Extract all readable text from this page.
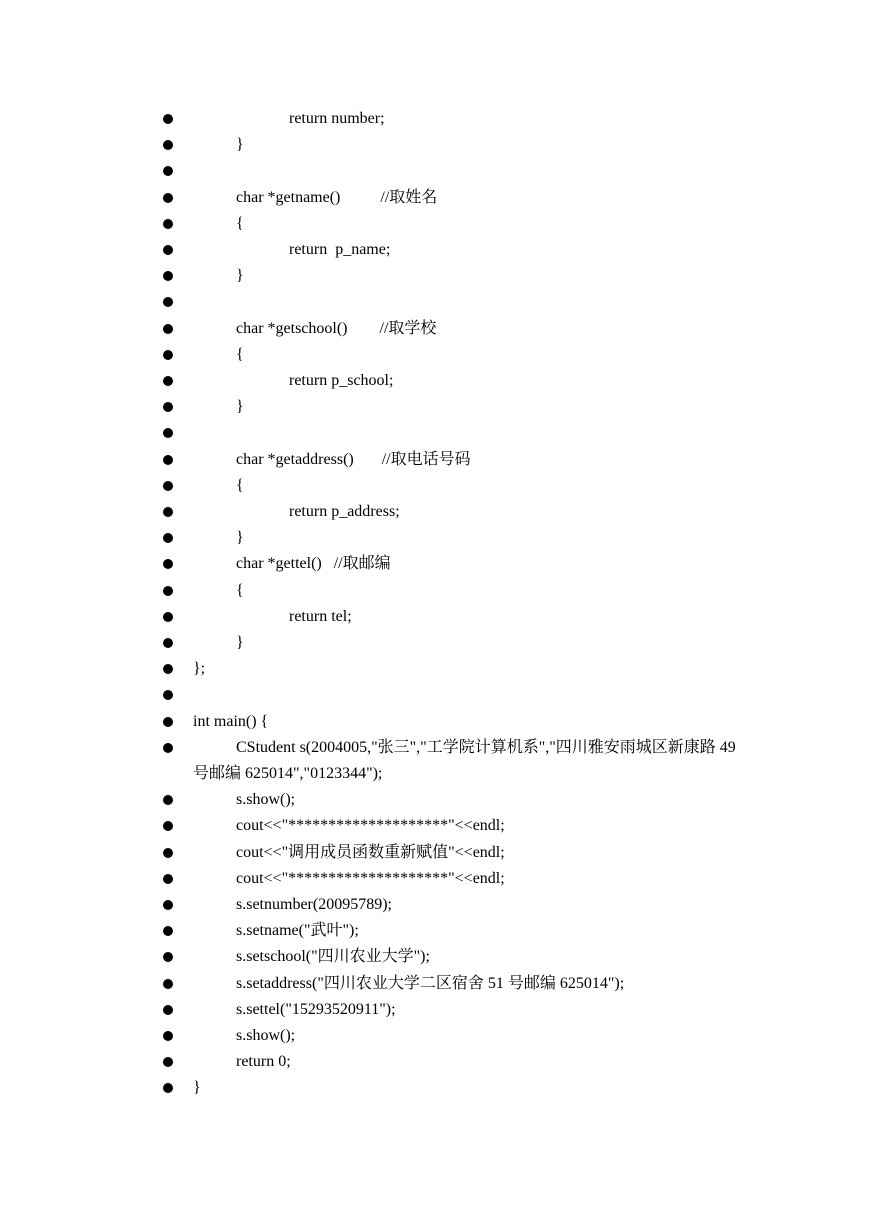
return number;
}
char *getname()          //取姓名
{
return  p_name;
}
char *getschool()        //取学校
{
return p_school;
}
char *getaddress()       //取电话号码
{
return p_address;
}
char *gettel()   //取邮编
{
return tel;
}
};
int main() {
CStudent s(2004005,"张三","工学院计算机系","四川雅安雨城区新康路 49 号邮编 625014","0123344");
s.show();
cout<<"********************"<<endl;
cout<<"调用成员函数重新赋值"<<endl;
cout<<"********************"<<endl;
s.setnumber(20095789);
s.setname("武叶");
s.setschool("四川农业大学");
s.setaddress("四川农业大学二区宿舍 51 号邮编 625014");
s.settel("15293520911");
s.show();
return 0;
}
